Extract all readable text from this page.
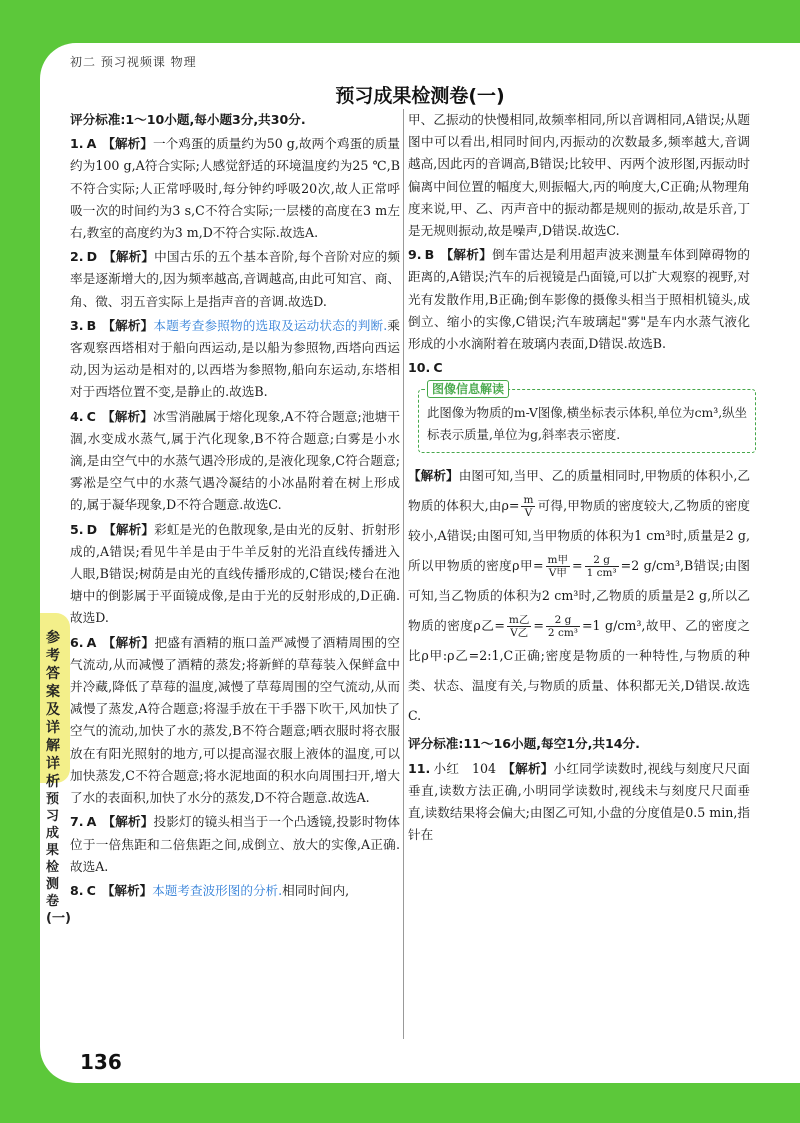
初二 预习视频课 物理
预习成果检测卷(一)

评分标准:1～10小题,每小题3分,共30分.

1. A 【解析】一个鸡蛋的质量约为50 g,故两个鸡蛋的质量约为100 g,A符合实际;人感觉舒适的环境温度约为25 ℃,B不符合实际;人正常呼吸时,每分钟约呼吸20次,故人正常呼吸一次的时间约为3 s,C不符合实际;一层楼的高度在3 m左右,教室的高度约为3 m,D不符合实际.故选A.

2. D 【解析】中国古乐的五个基本音阶,每个音阶对应的频率是逐渐增大的,因为频率越高,音调越高,由此可知宫、商、角、徵、羽五音实际上是指声音的音调.故选D.

3. B 【解析】本题考查参照物的选取及运动状态的判断.乘客观察西塔相对于船向西运动,是以船为参照物,西塔向西运动,因为运动是相对的,以西塔为参照物,船向东运动,东塔相对于西塔位置不变,是静止的.故选B.

4. C 【解析】冰雪消融属于熔化现象,A不符合题意;池塘干涸,水变成水蒸气,属于汽化现象,B不符合题意;白雾是小水滴,是由空气中的水蒸气遇冷形成的,是液化现象,C符合题意;雾凇是空气中的水蒸气遇冷凝结的小冰晶附着在树上形成的,属于凝华现象,D不符合题意.故选C.

5. D 【解析】彩虹是光的色散现象,是由光的反射、折射形成的,A错误;看见牛羊是由于牛羊反射的光沿直线传播进入人眼,B错误;树荫是由光的直线传播形成的,C错误;楼台在池塘中的倒影属于平面镜成像,是由于光的反射形成的,D正确.故选D.

6. A 【解析】把盛有酒精的瓶口盖严减慢了酒精周围的空气流动,从而减慢了酒精的蒸发;将新鲜的草莓装入保鲜盒中并冷藏,降低了草莓的温度,减慢了草莓周围的空气流动,从而减慢了蒸发,A符合题意;将湿手放在干手器下吹干,风加快了空气的流动,加快了水的蒸发,B不符合题意;晒衣服时将衣服放在有阳光照射的地方,可以提高湿衣服上液体的温度,可以加快蒸发,C不符合题意;将水泥地面的积水向周围扫开,增大了水的表面积,加快了水分的蒸发,D不符合题意.故选A.

7. A 【解析】投影灯的镜头相当于一个凸透镜,投影时物体位于一倍焦距和二倍焦距之间,成倒立、放大的实像,A正确.故选A.

8. C 【解析】本题考查波形图的分析.相同时间内,

甲、乙振动的快慢相同,故频率相同,所以音调相同,A错误;从题图中可以看出,相同时间内,丙振动的次数最多,频率越大,音调越高,因此丙的音调高,B错误;比较甲、丙两个波形图,丙振动时偏离中间位置的幅度大,则振幅大,丙的响度大,C正确;从物理角度来说,甲、乙、丙声音中的振动都是规则的振动,故是乐音,丁是无规则振动,故是噪声,D错误.故选C.

9. B 【解析】倒车雷达是利用超声波来测量车体到障碍物的距离的,A错误;汽车的后视镜是凸面镜,可以扩大观察的视野,对光有发散作用,B正确;倒车影像的摄像头相当于照相机镜头,成倒立、缩小的实像,C错误;汽车玻璃起"雾"是车内水蒸气液化形成的小水滴附着在玻璃内表面,D错误.故选B.

10. C

图像信息解读
此图像为物质的m-V图像,横坐标表示体积,单位为cm³,纵坐标表示质量,单位为g,斜率表示密度.

【解析】由图可知,当甲、乙的质量相同时,甲物质的体积小,乙物质的体积大,由$\rho= \frac{m}{V}$ 可得,甲物质的密度较大,乙物质的密度较小,A错误;由图可知,当甲物质的体积为1 cm³时,质量是2 g,所以甲物质的密度ρ甲= $\frac{\text{m甲}}{\text{V甲}} = \frac{2 g}{\text{1 cm³}} =2$ g/cm³,B错误;由图可知,当乙物质的体积为2 cm³时,乙物质的质量是2 g,所以乙物质的密度ρ乙= $\frac{\text{m乙}}{\text{V乙}} = \frac{2 g}{\text{2 cm³}} =1$ g/cm³,故甲、乙的密度之比ρ甲:ρ乙=2:1,C正确;密度是物质的一种特性,与物质的种类、状态、温度有关,与物质的质量、体积都无关,D错误.故选C.

评分标准:11～16小题,每空1分,共14分.

11. 小红　104 【解析】小红同学读数时,视线与刻度尺尺面垂直,读数方法正确,小明同学读数时,视线未与刻度尺尺面垂直,读数结果将会偏大;由图乙可知,小盘的分度值是0.5 min,指针在

参考答案及详解详析
预习成果检测卷(一)
136
